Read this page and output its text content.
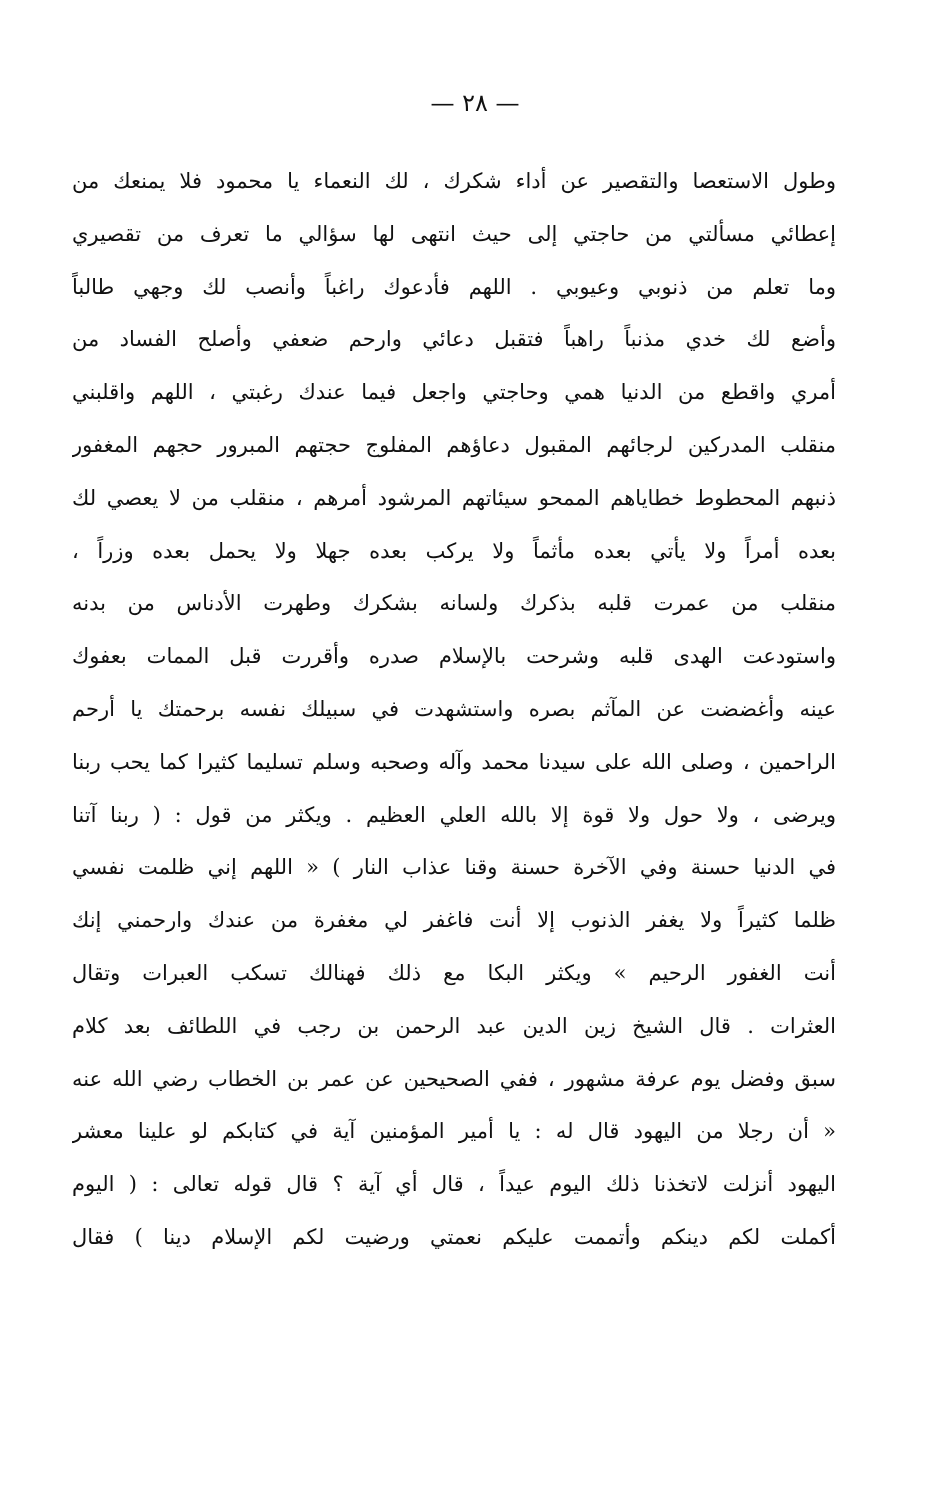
— ٢٨ —
وطول الاستعصا والتقصير عن أداء شكرك ، لك النعماء يا محمود فلا يمنعك من
إعطائي مسألتي من حاجتي إلى حيث انتهى لها سؤالي ما تعرف من تقصيري
وما تعلم من ذنوبي وعيوبي . اللهم فأدعوك راغباً وأنصب لك وجهي طالباً
وأضع لك خدي مذنباً راهباً فتقبل دعائي وارحم ضعفي وأصلح الفساد من
أمري واقطع من الدنيا همي وحاجتي واجعل فيما عندك رغبتي ، اللهم واقلبني
منقلب المدركين لرجائهم المقبول دعاؤهم المفلوج حجتهم المبرور حجهم المغفور
ذنبهم المحطوط خطاياهم الممحو سيئاتهم المرشود أمرهم ، منقلب من لا يعصي لك
بعده أمراً ولا يأتي بعده مأثماً ولا يركب بعده جهلا ولا يحمل بعده وزراً ،
منقلب من عمرت قلبه بذكرك ولسانه بشكرك وطهرت الأدناس من بدنه
واستودعت الهدى قلبه وشرحت بالإسلام صدره وأقررت قبل الممات بعفوك
عينه وأغضضت عن المآثم بصره واستشهدت في سبيلك نفسه برحمتك يا أرحم
الراحمين ، وصلى الله على سيدنا محمد وآله وصحبه وسلم تسليما كثيرا كما يحب ربنا
ويرضى ، ولا حول ولا قوة إلا بالله العلي العظيم . ويكثر من قول : ( ربنا آتنا
في الدنيا حسنة وفي الآخرة حسنة وقنا عذاب النار ) « اللهم إني ظلمت نفسي
ظلما كثيراً ولا يغفر الذنوب إلا أنت فاغفر لي مغفرة من عندك وارحمني إنك
أنت الغفور الرحيم » ويكثر البكا مع ذلك فهنالك تسكب العبرات وتقال
العثرات . قال الشيخ زين الدين عبد الرحمن بن رجب في اللطائف بعد كلام
سبق وفضل يوم عرفة مشهور ، ففي الصحيحين عن عمر بن الخطاب رضي الله عنه
« أن رجلا من اليهود قال له : يا أمير المؤمنين آية في كتابكم لو علينا معشر
اليهود أنزلت لاتخذنا ذلك اليوم عيداً ، قال أي آية ؟ قال قوله تعالى : ( اليوم
أكملت لكم دينكم وأتممت عليكم نعمتي ورضيت لكم الإسلام دينا ) فقال
